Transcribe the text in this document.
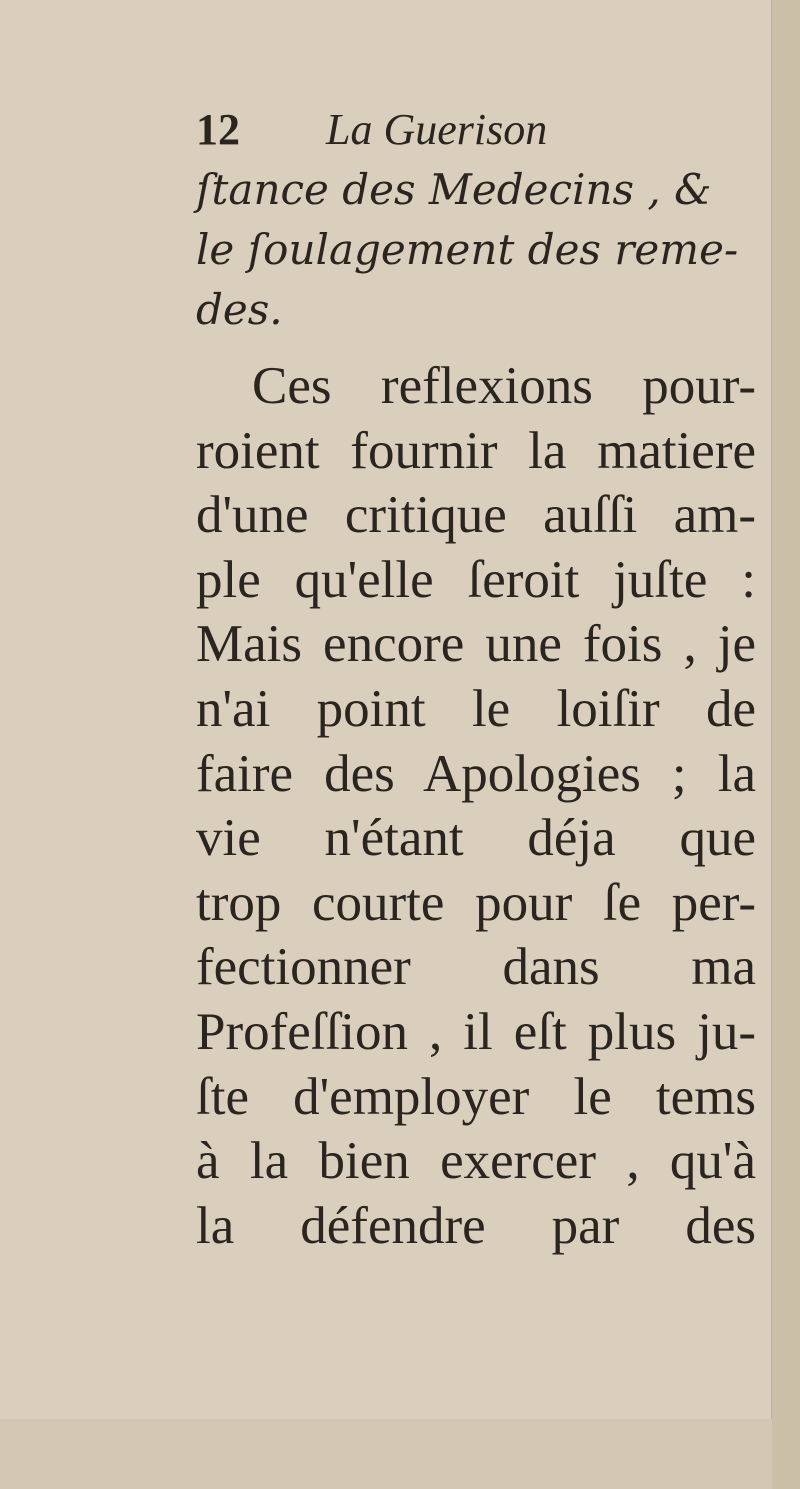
12 La Guerison
ſtance des Medecins , &
le ſoulagement des reme-
des.
Ces reflexions pour-
roient fournir la matiere
d'une critique auſſi am-
ple qu'elle ſeroit juſte :
Mais encore une fois , je
n'ai point le loiſir de
faire des Apologies ; la
vie n'étant déja que
trop courte pour ſe per-
fectionner dans ma
Profeſſion , il eſt plus ju-
ſte d'employer le tems
à la bien exercer , qu'à
la défendre par des
